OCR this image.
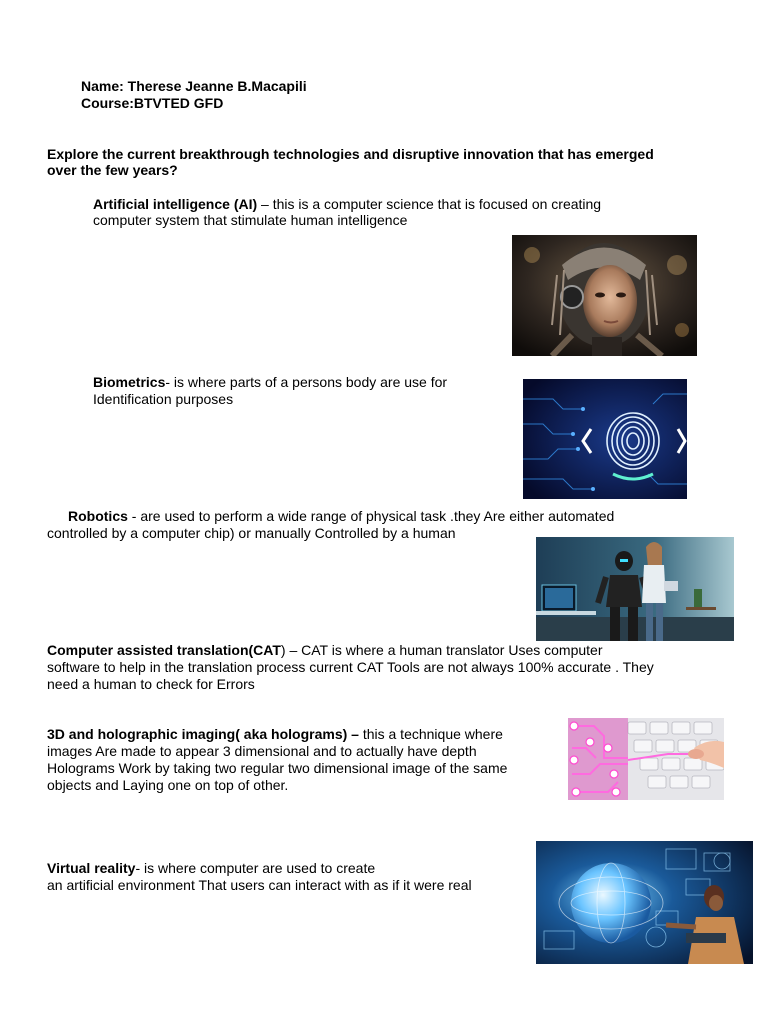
Name: Therese Jeanne B.Macapili

Course:BTVTED GFD

Explore the current breakthrough technologies and disruptive innovation that has emerged

over the few years?

Artificial intelligence (AI) – this is a computer science that is focused on creating

computer system that stimulate human intelligence

Biometrics- is where parts of a persons body are use for

Identification purposes

Robotics - are used to perform a wide range of physical task .they Are either automated

controlled by a computer chip) or manually Controlled by a human

Computer assisted translation(CAT) – CAT is where a human translator Uses computer

software to help in the translation process current CAT Tools are not always 100% accurate . They

need a human to check for Errors

3D and holographic imaging( aka holograms) – this a technique where

images Are made to appear 3 dimensional and to actually have depth

Holograms Work by taking two regular two dimensional image of the same

objects and Laying one on top of other.

Virtual reality- is where computer are used to create

an artificial environment That users can interact with as if it were real
